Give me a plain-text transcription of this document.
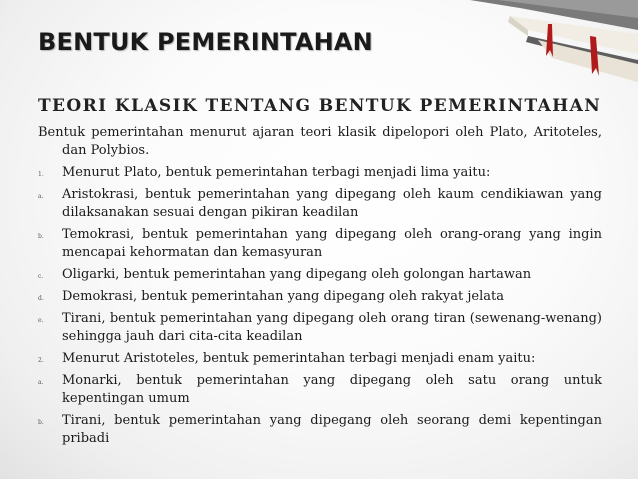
BENTUK PEMERINTAHAN
TEORI KLASIK TENTANG BENTUK PEMERINTAHAN

Bentuk pemerintahan menurut ajaran teori klasik dipelopori oleh Plato, Aritoteles, dan Polybios.

1. Menurut Plato, bentuk pemerintahan terbagi menjadi lima yaitu:
a. Aristokrasi, bentuk pemerintahan yang dipegang oleh kaum cendikiawan yang dilaksanakan sesuai dengan pikiran keadilan
b. Temokrasi, bentuk pemerintahan yang dipegang oleh orang-orang yang ingin mencapai kehormatan dan kemasyuran
c. Oligarki, bentuk pemerintahan yang dipegang oleh golongan hartawan
d. Demokrasi, bentuk pemerintahan yang dipegang oleh rakyat jelata
e. Tirani, bentuk pemerintahan yang dipegang oleh orang tiran (sewenang-wenang) sehingga jauh dari cita-cita keadilan
2. Menurut Aristoteles, bentuk pemerintahan terbagi menjadi enam yaitu:
a. Monarki, bentuk pemerintahan yang dipegang oleh satu orang untuk kepentingan umum
b. Tirani, bentuk pemerintahan yang dipegang oleh seorang demi kepentingan pribadi
